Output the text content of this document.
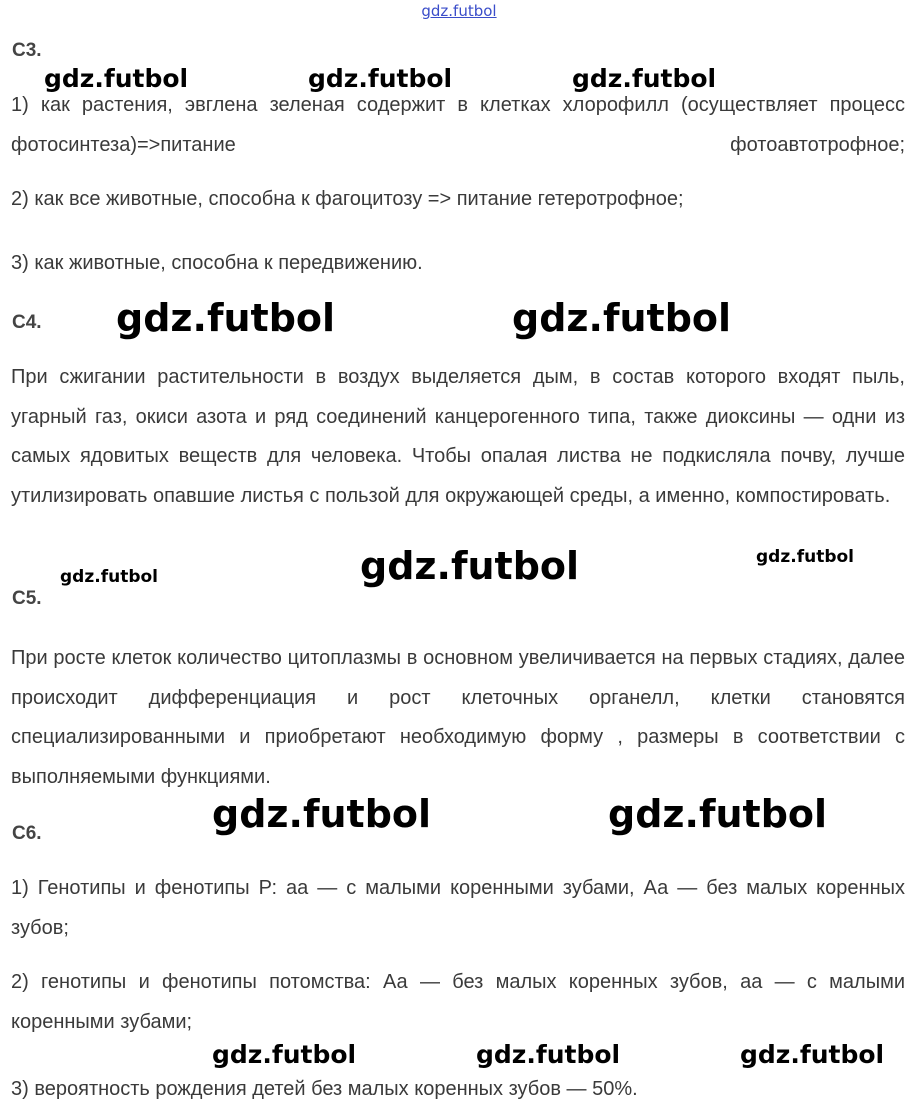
gdz.futbol
С3.

1) как растения, эвглена зеленая содержит в клетках хлорофилл (осуществляет процесс фотосинтеза)=>питание фотоавтотрофное;

2) как все животные, способна к фагоцитозу => питание гетеротрофное;

3) как животные, способна к передвижению.

С4.

При сжигании растительности в воздух выделяется дым, в состав которого входят пыль, угарный газ, окиси азота и ряд соединений канцерогенного типа, также диоксины — одни из самых ядовитых веществ для человека. Чтобы опалая листва не подкисляла почву, лучше утилизировать опавшие листья с пользой для окружающей среды, а именно, компостировать.

С5.

При росте клеток количество цитоплазмы в основном увеличивается на первых стадиях, далее происходит дифференциация и рост клеточных органелл, клетки становятся специализированными и приобретают необходимую форму , размеры в соответствии с выполняемыми функциями.

С6.

1) Генотипы и фенотипы Р: аа — с малыми коренными зубами, Аа — без малых коренных зубов;

2) генотипы и фенотипы потомства: Аа — без малых коренных зубов, аа — с малыми коренными зубами;

3) вероятность рождения детей без малых коренных зубов — 50%.

gdz.futbol	gdz.futbol	gdz.futbol
gdz.futbol	gdz.futbol
gdz.futbol	gdz.futbol	gdz.futbol
gdz.futbol	gdz.futbol
gdz.futbol	gdz.futbol	gdz.futbol
